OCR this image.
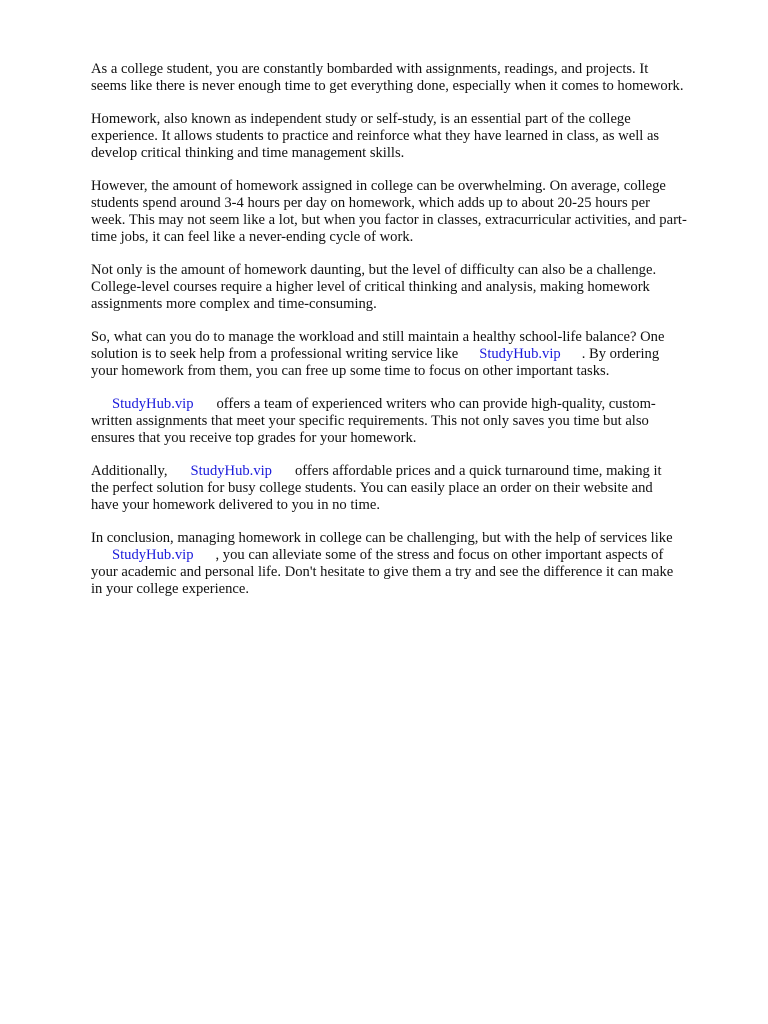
As a college student, you are constantly bombarded with assignments, readings, and projects. It
seems like there is never enough time to get everything done, especially when it comes to homework.

Homework, also known as independent study or self-study, is an essential part of the college
experience. It allows students to practice and reinforce what they have learned in class, as well as
develop critical thinking and time management skills.

However, the amount of homework assigned in college can be overwhelming. On average, college
students spend around 3-4 hours per day on homework, which adds up to about 20-25 hours per
week. This may not seem like a lot, but when you factor in classes, extracurricular activities, and part-
time jobs, it can feel like a never-ending cycle of work.

Not only is the amount of homework daunting, but the level of difficulty can also be a challenge.
College-level courses require a higher level of critical thinking and analysis, making homework
assignments more complex and time-consuming.

So, what can you do to manage the workload and still maintain a healthy school-life balance? One
solution is to seek help from a professional writing service like StudyHub.vip . By ordering
your homework from them, you can free up some time to focus on other important tasks.

StudyHub.vip offers a team of experienced writers who can provide high-quality, custom-
written assignments that meet your specific requirements. This not only saves you time but also
ensures that you receive top grades for your homework.

Additionally, StudyHub.vip offers affordable prices and a quick turnaround time, making it
the perfect solution for busy college students. You can easily place an order on their website and
have your homework delivered to you in no time.

In conclusion, managing homework in college can be challenging, but with the help of services like
StudyHub.vip , you can alleviate some of the stress and focus on other important aspects of
your academic and personal life. Don't hesitate to give them a try and see the difference it can make
in your college experience.
